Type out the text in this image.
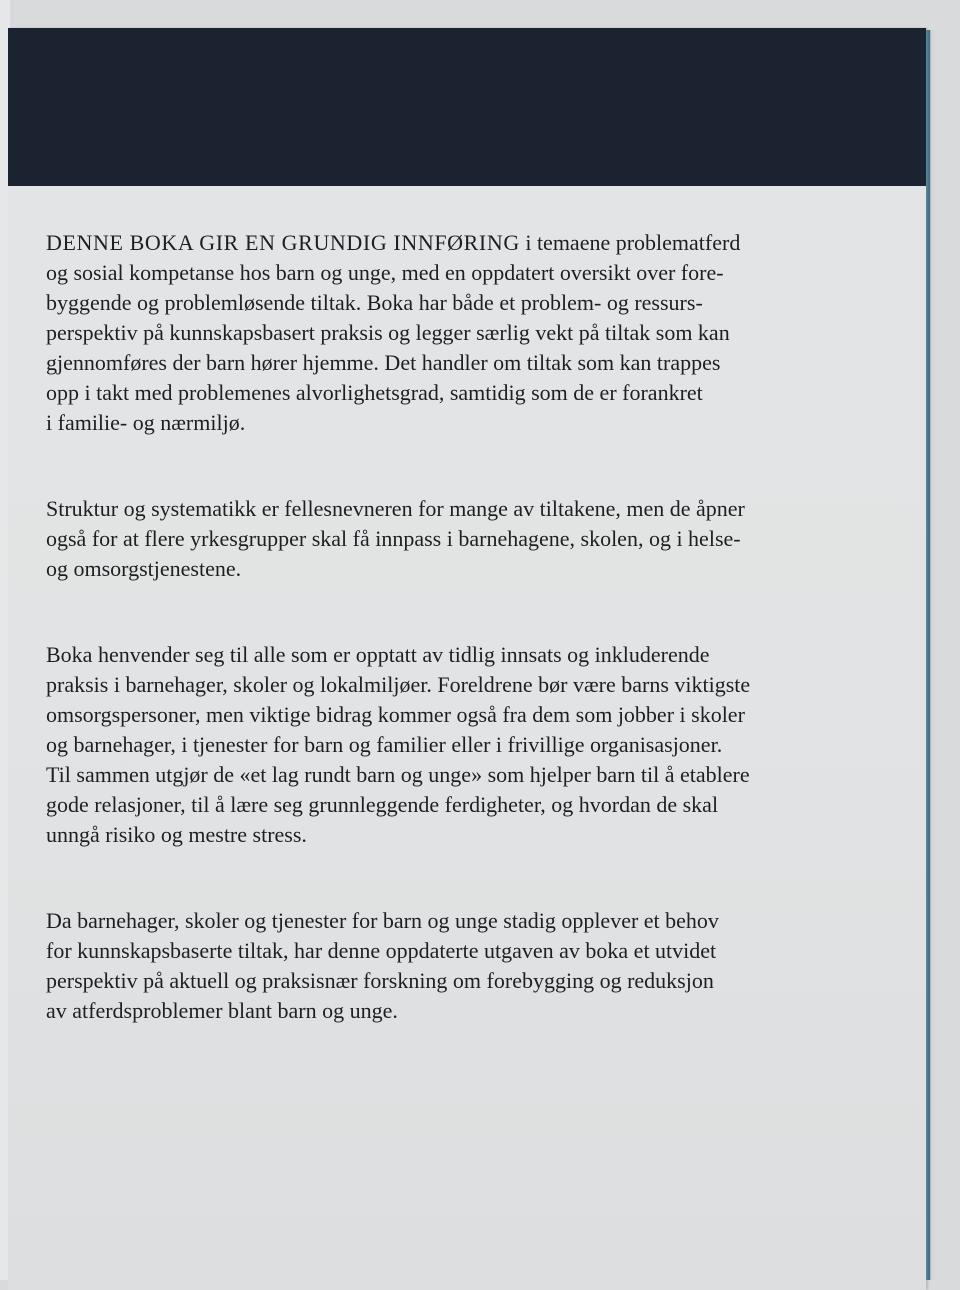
DENNE BOKA GIR EN GRUNDIG INNFØRING i temaene problematferd
og sosial kompetanse hos barn og unge, med en oppdatert oversikt over fore-
byggende og problemløsende tiltak. Boka har både et problem- og ressurs-
perspektiv på kunnskapsbasert praksis og legger særlig vekt på tiltak som kan
gjennomføres der barn hører hjemme. Det handler om tiltak som kan trappes
opp i takt med problemenes alvorlighetsgrad, samtidig som de er forankret
i familie- og nærmiljø.

Struktur og systematikk er fellesnevneren for mange av tiltakene, men de åpner
også for at flere yrkesgrupper skal få innpass i barnehagene, skolen, og i helse-
og omsorgstjenestene.

Boka henvender seg til alle som er opptatt av tidlig innsats og inkluderende
praksis i barnehager, skoler og lokalmiljøer. Foreldrene bør være barns viktigste
omsorgspersoner, men viktige bidrag kommer også fra dem som jobber i skoler
og barnehager, i tjenester for barn og familier eller i frivillige organisasjoner.
Til sammen utgjør de «et lag rundt barn og unge» som hjelper barn til å etablere
gode relasjoner, til å lære seg grunnleggende ferdigheter, og hvordan de skal
unngå risiko og mestre stress.

Da barnehager, skoler og tjenester for barn og unge stadig opplever et behov
for kunnskapsbaserte tiltak, har denne oppdaterte utgaven av boka et utvidet
perspektiv på aktuell og praksisnær forskning om forebygging og reduksjon
av atferdsproblemer blant barn og unge.
